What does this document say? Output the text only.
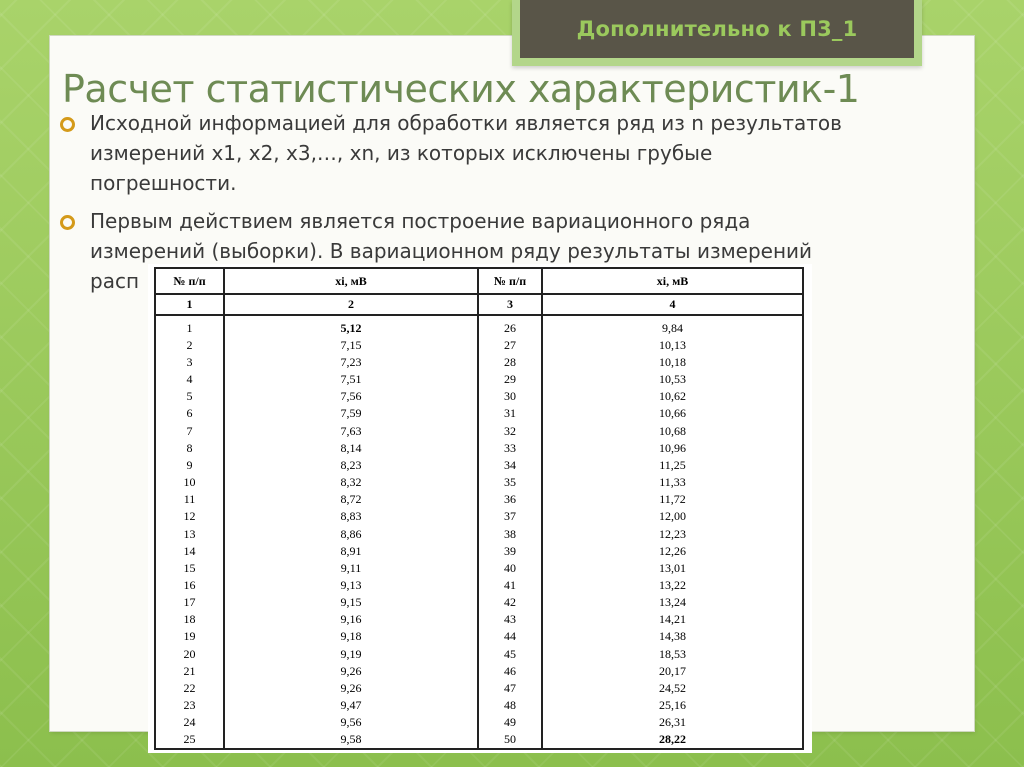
Дополнительно к П3_1
Расчет статистических характеристик-1
Исходной информацией для обработки является ряд из n результатов
измерений x1, x2, x3,…, xn, из которых исключены грубые
погрешности.
Первым действием является построение вариационного ряда
измерений (выборки). В вариационном ряду результаты измерений
расп	№ п/п	xi, мВ	№ п/п	xi, мВ
1	2	3	4
1	5,12	26	9,84
2	7,15	27	10,13
3	7,23	28	10,18
4	7,51	29	10,53
5	7,56	30	10,62
6	7,59	31	10,66
7	7,63	32	10,68
8	8,14	33	10,96
9	8,23	34	11,25
10	8,32	35	11,33
11	8,72	36	11,72
12	8,83	37	12,00
13	8,86	38	12,23
14	8,91	39	12,26
15	9,11	40	13,01
16	9,13	41	13,22
17	9,15	42	13,24
18	9,16	43	14,21
19	9,18	44	14,38
20	9,19	45	18,53
21	9,26	46	20,17
22	9,26	47	24,52
23	9,47	48	25,16
24	9,56	49	26,31
25	9,58	50	28,22
